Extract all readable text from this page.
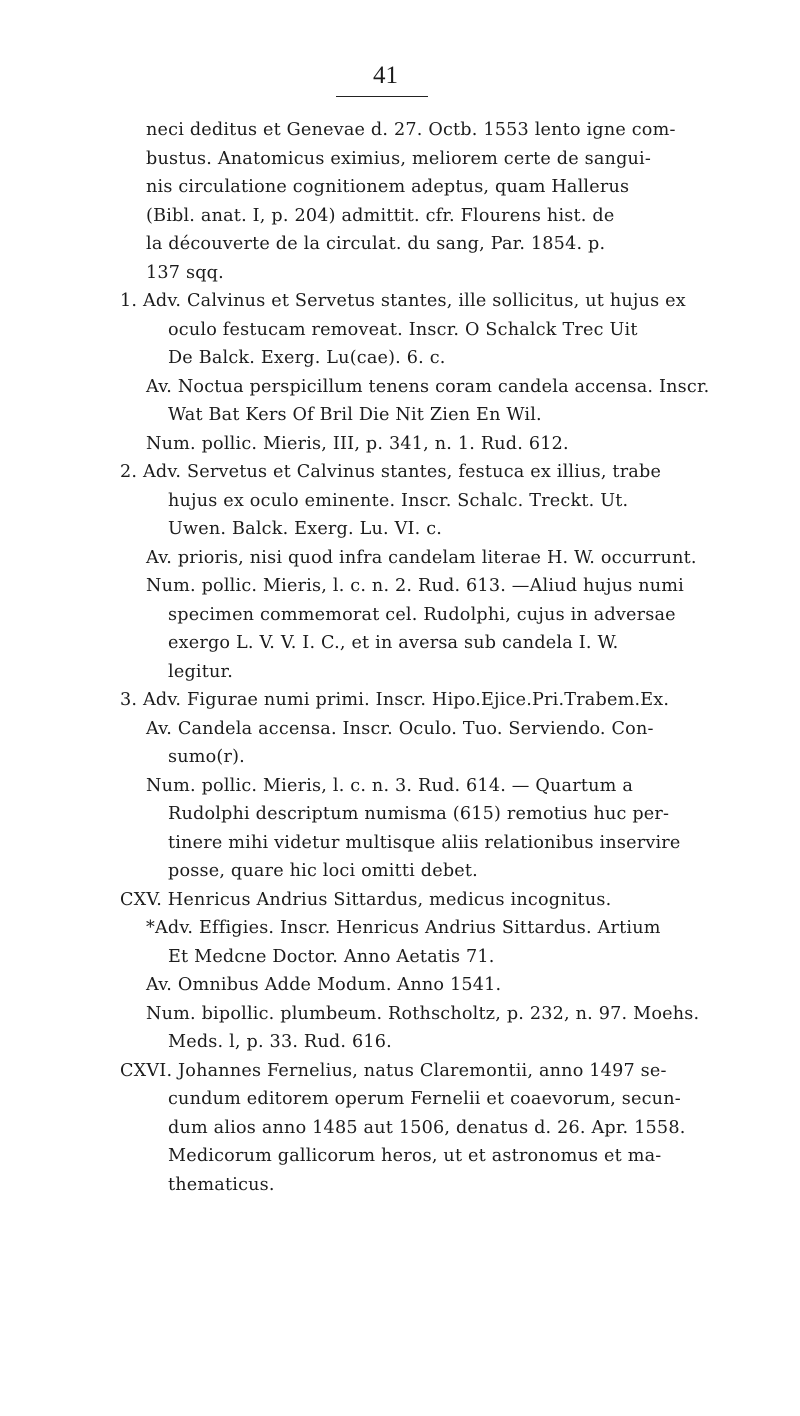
41
neci deditus et Genevae d. 27. Octb. 1553 lento igne com-
bustus. Anatomicus eximius, meliorem certe de sangui-
nis circulatione cognitionem adeptus, quam Hallerus
(Bibl. anat. I, p. 204) admittit. cfr. Flourens hist. de
la découverte de la circulat. du sang, Par. 1854. p.
137 sqq.
1. Adv. Calvinus et Servetus stantes, ille sollicitus, ut hujus ex
oculo festucam removeat. Inscr. O Schalck Trec Uit
De Balck. Exerg. Lu(cae). 6. c.
Av. Noctua perspicillum tenens coram candela accensa. Inscr.
Wat Bat Kers Of Bril Die Nit Zien En Wil.
Num. pollic. Mieris, III, p. 341, n. 1. Rud. 612.
2. Adv. Servetus et Calvinus stantes, festuca ex illius, trabe
hujus ex oculo eminente. Inscr. Schalc. Treckt. Ut.
Uwen. Balck. Exerg. Lu. VI. c.
Av. prioris, nisi quod infra candelam literae H. W. occurrunt.
Num. pollic. Mieris, l. c. n. 2. Rud. 613. —Aliud hujus numi
specimen commemorat cel. Rudolphi, cujus in adversae
exergo L. V. V. I. C., et in aversa sub candela I. W.
legitur.
3. Adv. Figurae numi primi. Inscr. Hipo.Ejice.Pri.Trabem.Ex.
Av. Candela accensa. Inscr. Oculo. Tuo. Serviendo. Con-
sumo(r).
Num. pollic. Mieris, l. c. n. 3. Rud. 614. — Quartum a
Rudolphi descriptum numisma (615) remotius huc per-
tinere mihi videtur multisque aliis relationibus inservire
posse, quare hic loci omitti debet.
CXV. Henricus Andrius Sittardus, medicus incognitus.
*Adv. Effigies. Inscr. Henricus Andrius Sittardus. Artium
Et Medcne Doctor. Anno Aetatis 71.
Av. Omnibus Adde Modum. Anno 1541.
Num. bipollic. plumbeum. Rothscholtz, p. 232, n. 97. Moehs.
Meds. l, p. 33. Rud. 616.
CXVI. Johannes Fernelius, natus Claremontii, anno 1497 se-
cundum editorem operum Fernelii et coaevorum, secun-
dum alios anno 1485 aut 1506, denatus d. 26. Apr. 1558.
Medicorum gallicorum heros, ut et astronomus et ma-
thematicus.
